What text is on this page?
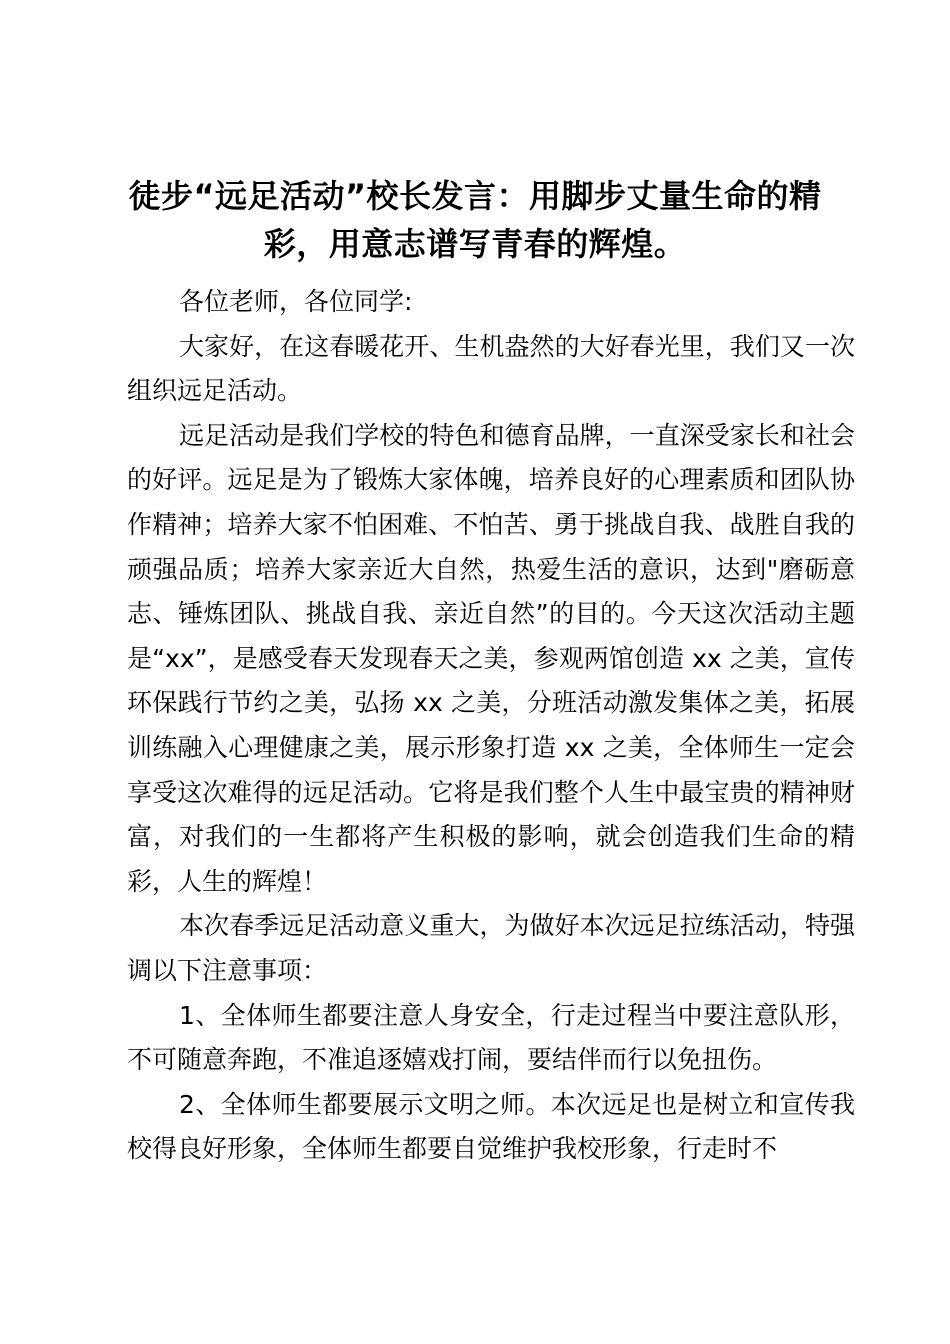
徒步“远足活动”校长发言：用脚步丈量生命的精彩，用意志谱写青春的辉煌。

各位老师，各位同学:

大家好，在这春暖花开、生机盎然的大好春光里，我们又一次组织远足活动。

远足活动是我们学校的特色和德育品牌，一直深受家长和社会的好评。远足是为了锻炼大家体魄，培养良好的心理素质和团队协作精神；培养大家不怕困难、不怕苦、勇于挑战自我、战胜自我的顽强品质；培养大家亲近大自然，热爱生活的意识，达到"磨砺意志、锤炼团队、挑战自我、亲近自然”的目的。今天这次活动主题是“xx”，是感受春天发现春天之美，参观两馆创造 xx 之美，宣传环保践行节约之美，弘扬 xx 之美，分班活动激发集体之美，拓展训练融入心理健康之美，展示形象打造 xx 之美，全体师生一定会享受这次难得的远足活动。它将是我们整个人生中最宝贵的精神财富，对我们的一生都将产生积极的影响，就会创造我们生命的精彩，人生的辉煌！

本次春季远足活动意义重大，为做好本次远足拉练活动，特强调以下注意事项：

1、全体师生都要注意人身安全，行走过程当中要注意队形，不可随意奔跑，不准追逐嬉戏打闹，要结伴而行以免扭伤。

2、全体师生都要展示文明之师。本次远足也是树立和宣传我校得良好形象，全体师生都要自觉维护我校形象，行走时不
